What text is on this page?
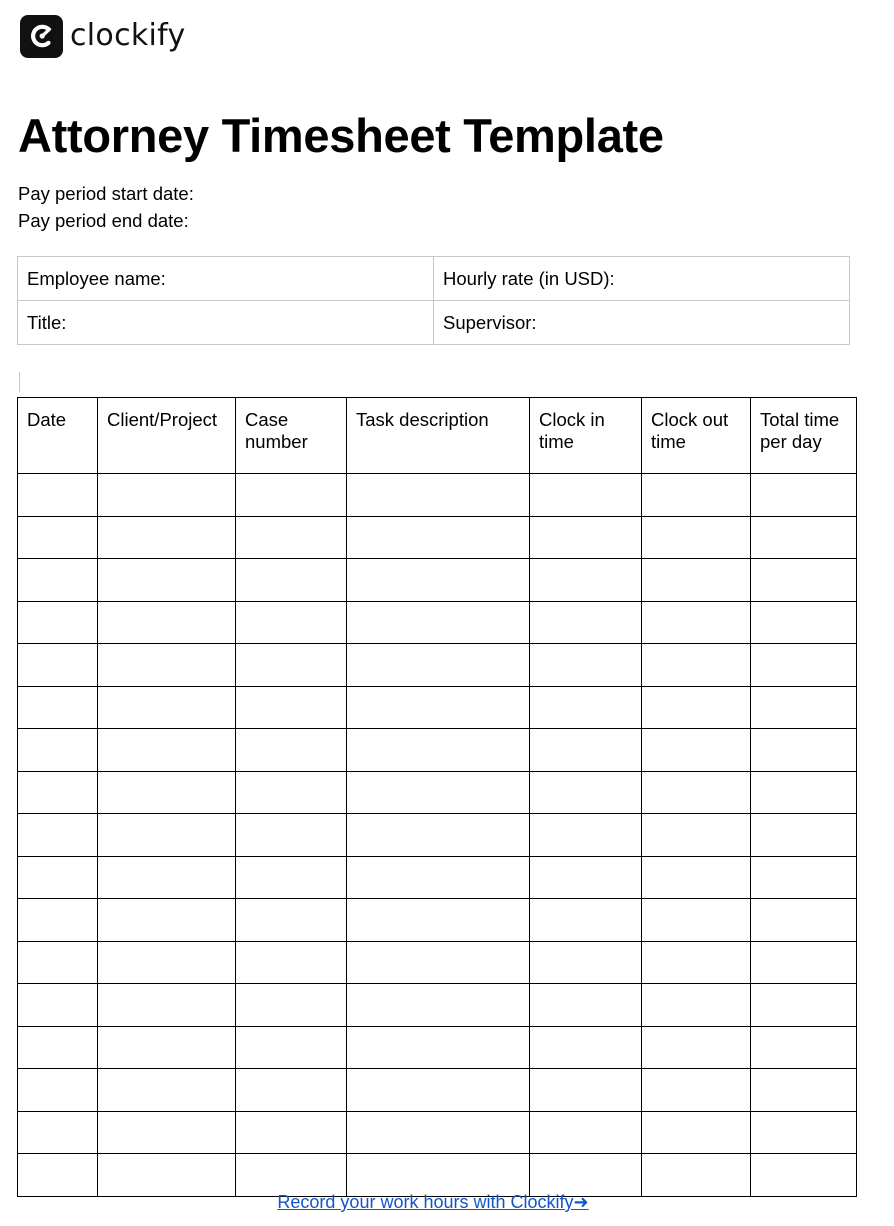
clockify
Attorney Timesheet Template
Pay period start date:
Pay period end date:
Employee name:	Hourly rate (in USD):
Title:	Supervisor:
Date	Client/Project	Case number	Task description	Clock in time	Clock out time	Total time per day

Record your work hours with Clockify➜
